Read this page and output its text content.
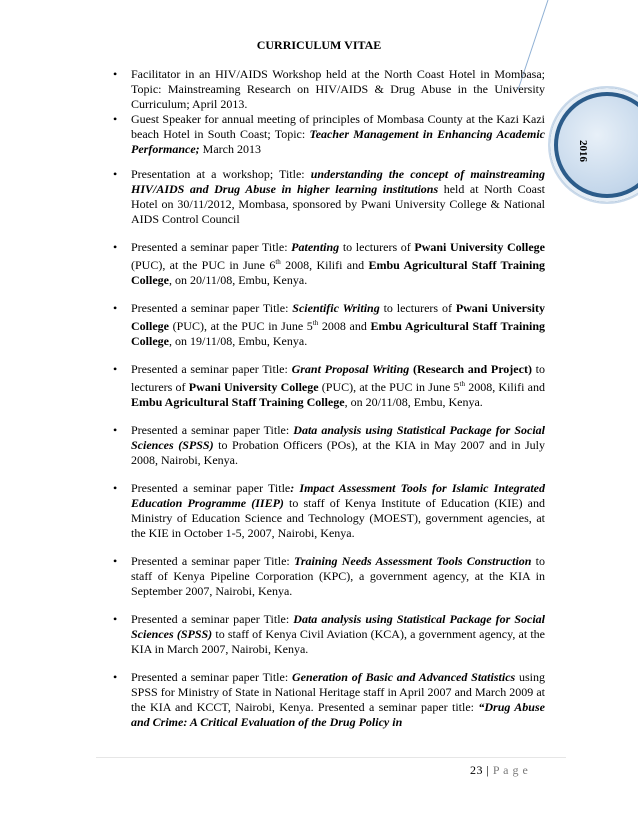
2016
CURRICULUM VITAE
• Facilitator in an HIV/AIDS Workshop held at the North Coast Hotel in Mombasa; Topic: Mainstreaming Research on HIV/AIDS & Drug Abuse in the University Curriculum; April 2013.
• Guest Speaker for annual meeting of principles of Mombasa County at the Kazi Kazi beach Hotel in South Coast; Topic: Teacher Management in Enhancing Academic Performance; March 2013
• Presentation at a workshop; Title: understanding the concept of mainstreaming HIV/AIDS and Drug Abuse in higher learning institutions held at North Coast Hotel on 30/11/2012, Mombasa, sponsored by Pwani University College & National AIDS Control Council
• Presented a seminar paper Title: Patenting to lecturers of Pwani University College (PUC), at the PUC in June 6th 2008, Kilifi and Embu Agricultural Staff Training College, on 20/11/08, Embu, Kenya.
• Presented a seminar paper Title: Scientific Writing to lecturers of Pwani University College (PUC), at the PUC in June 5th 2008 and Embu Agricultural Staff Training College, on 19/11/08, Embu, Kenya.
• Presented a seminar paper Title: Grant Proposal Writing (Research and Project) to lecturers of Pwani University College (PUC), at the PUC in June 5th 2008, Kilifi and Embu Agricultural Staff Training College, on 20/11/08, Embu, Kenya.
• Presented a seminar paper Title: Data analysis using Statistical Package for Social Sciences (SPSS) to Probation Officers (POs), at the KIA in May 2007 and in July 2008, Nairobi, Kenya.
• Presented a seminar paper Title: Impact Assessment Tools for Islamic Integrated Education Programme (IIEP) to staff of Kenya Institute of Education (KIE) and Ministry of Education Science and Technology (MOEST), government agencies, at the KIE in October 1-5, 2007, Nairobi, Kenya.
• Presented a seminar paper Title: Training Needs Assessment Tools Construction to staff of Kenya Pipeline Corporation (KPC), a government agency, at the KIA in September 2007, Nairobi, Kenya.
• Presented a seminar paper Title: Data analysis using Statistical Package for Social Sciences (SPSS) to staff of Kenya Civil Aviation (KCA), a government agency, at the KIA in March 2007, Nairobi, Kenya.
• Presented a seminar paper Title: Generation of Basic and Advanced Statistics using SPSS for Ministry of State in National Heritage staff in April 2007 and March 2009 at the KIA and KCCT, Nairobi, Kenya. Presented a seminar paper title: “Drug Abuse and Crime: A Critical Evaluation of the Drug Policy in
23 | P a g e
